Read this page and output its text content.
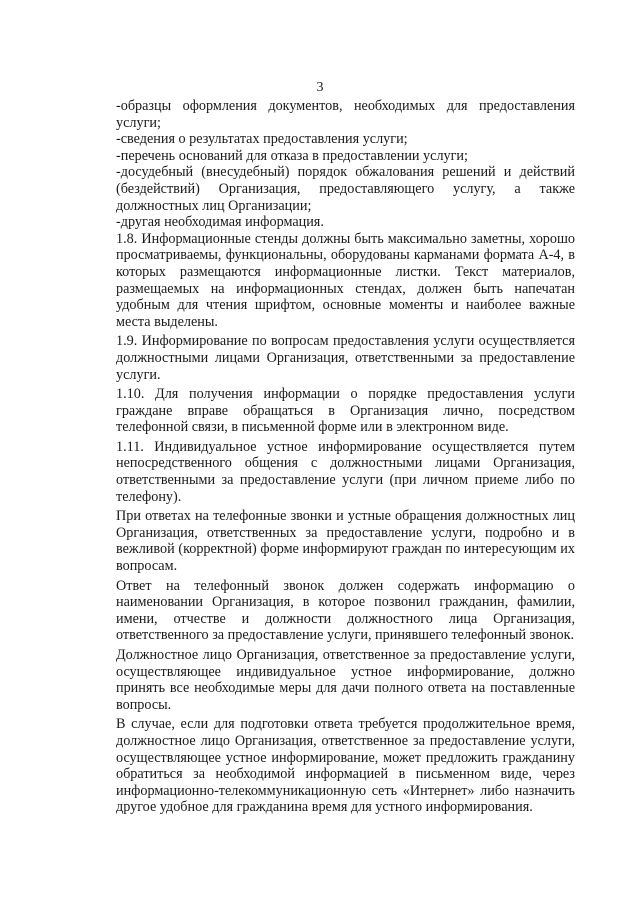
3

-образцы оформления документов, необходимых для предоставления услуги;

-сведения о результатах предоставления услуги;

-перечень оснований для отказа в предоставлении услуги;

-досудебный (внесудебный) порядок обжалования решений и действий (бездействий) Организация, предоставляющего услугу, а также должностных лиц Организации;

-другая необходимая информация.

1.8. Информационные стенды должны быть максимально заметны, хорошо просматриваемы, функциональны, оборудованы карманами формата А-4, в которых размещаются информационные листки. Текст материалов, размещаемых на информационных стендах, должен быть напечатан удобным для чтения шрифтом, основные моменты и наиболее важные места выделены.

1.9. Информирование по вопросам предоставления услуги осуществляется должностными лицами Организация, ответственными за предоставление услуги.

1.10. Для получения информации о порядке предоставления услуги граждане вправе обращаться в Организация лично, посредством телефонной связи, в письменной форме или в электронном виде.

1.11. Индивидуальное устное информирование осуществляется путем непосредственного общения с должностными лицами Организация, ответственными за предоставление услуги (при личном приеме либо по телефону).

При ответах на телефонные звонки и устные обращения должностных лиц Организация, ответственных за предоставление услуги, подробно и в вежливой (корректной) форме информируют граждан по интересующим их вопросам.

Ответ на телефонный звонок должен содержать информацию о наименовании Организация, в которое позвонил гражданин, фамилии, имени, отчестве и должности должностного лица Организация, ответственного за предоставление услуги, принявшего телефонный звонок.

Должностное лицо Организация, ответственное за предоставление услуги, осуществляющее индивидуальное устное информирование, должно принять все необходимые меры для дачи полного ответа на поставленные вопросы.

В случае, если для подготовки ответа требуется продолжительное время, должностное лицо Организация, ответственное за предоставление услуги, осуществляющее устное информирование, может предложить гражданину обратиться за необходимой информацией в письменном виде, через информационно-телекоммуникационную сеть «Интернет» либо назначить другое удобное для гражданина время для устного информирования.
